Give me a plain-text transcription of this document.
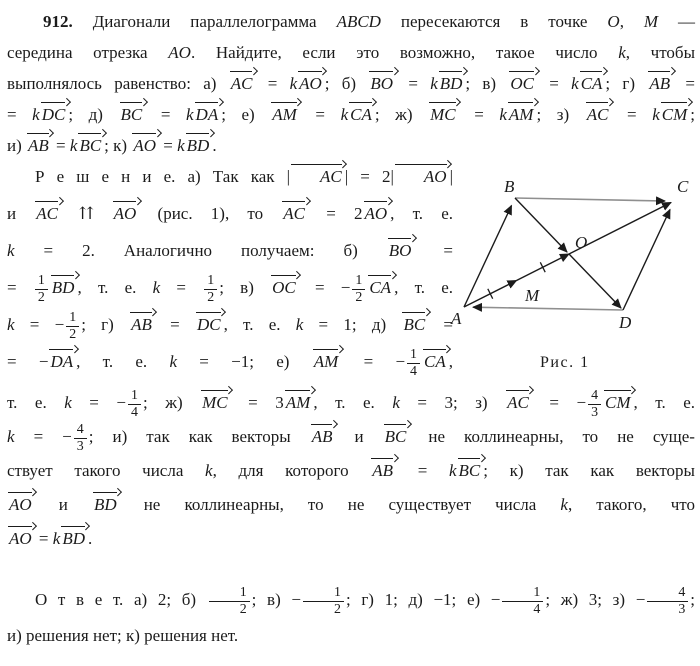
912. Диагонали параллелограмма ABCD пересекаются в точке O, M —
середина отрезка AO. Найдите, если это возможно, такое число k, чтобы
выполнялось равенство: а) AC = k AO ; б) BO = k BD ; в) OC = k CA ; г) AB =
= k DC ; д) BC = k DA ; е) AM = k CA ; ж) MC = k AM ; з) AC = k CM ;
и) AB = k BC ; к) AO = k BD .
Р е ш е н и е. а) Так как | AC | = 2| AO |
и AC ⇈ AO (рис. 1), то AC = 2 AO , т. е.
k = 2. Аналогично получаем: б) BO =
= $\frac{1}{2}$ BD , т. е. $k = \frac{1}{2}$ ; в) OC = − $\frac{1}{2}$ CA , т. е.
k = − $\frac{1}{2}$ ; г) AB = DC , т. е. k = 1; д) BC =
= − DA , т. е. k = −1; е) AM = − $\frac{1}{4}$ CA ,
A
B	C
D
O
M
Рис. 1
т. е. k = − $\frac{1}{4}$ ; ж) MC = 3 AM , т. е. k = 3; з) AC = − $\frac{4}{3}$ CM , т. е.
k = − $\frac{4}{3}$ ; и) так как векторы AB и BC не коллинеарны, то не суще-
ствует такого числа k, для которого AB = k BC ; к) так как векторы
AO и BD не коллинеарны, то не существует числа k, такого, что
AO = k BD .
О т в е т. а) 2; $б) \frac{1}{2}$ ; $в) - \frac{1}{2}$ ; г) 1; д) −1; $е) - \frac{1}{4}$ ; ж) 3; $з) - \frac{4}{3}$ ;
и) решения нет; к) решения нет.
